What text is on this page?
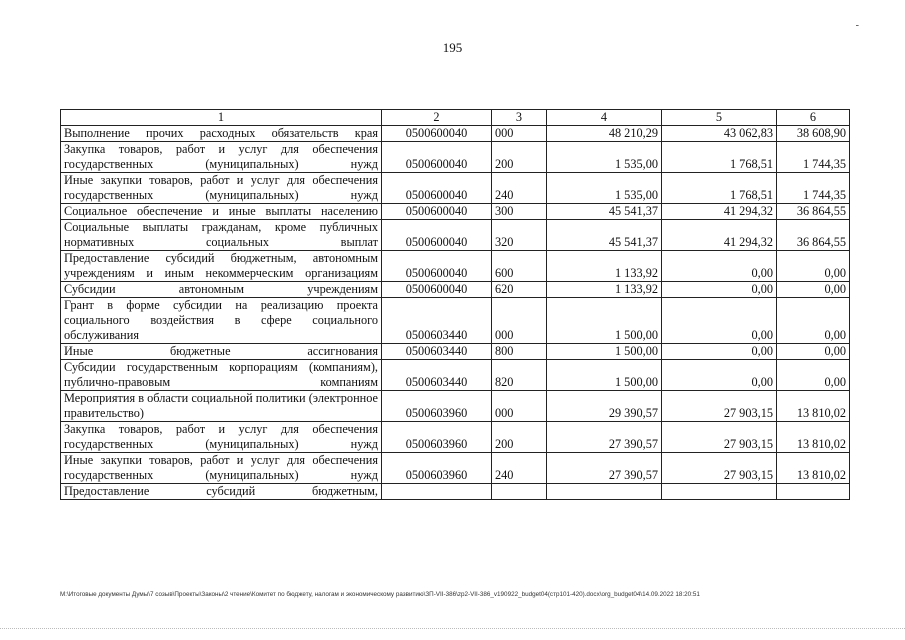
195
-
1	2	3	4	5	6
Выполнение прочих расходных обязательств края	0500600040	000	48 210,29	43 062,83	38 608,90
Закупка товаров, работ и услуг для обеспечения государственных (муниципальных) нужд	0500600040	200	1 535,00	1 768,51	1 744,35
Иные закупки товаров, работ и услуг для обеспечения государственных (муниципальных) нужд	0500600040	240	1 535,00	1 768,51	1 744,35
Социальное обеспечение и иные выплаты населению	0500600040	300	45 541,37	41 294,32	36 864,55
Социальные выплаты гражданам, кроме публичных нормативных социальных выплат	0500600040	320	45 541,37	41 294,32	36 864,55
Предоставление субсидий бюджетным, автономным учреждениям и иным некоммерческим организациям	0500600040	600	1 133,92	0,00	0,00
Субсидии автономным учреждениям	0500600040	620	1 133,92	0,00	0,00
Грант в форме субсидии на реализацию проекта социального воздействия в сфере социального обслуживания	0500603440	000	1 500,00	0,00	0,00
Иные бюджетные ассигнования	0500603440	800	1 500,00	0,00	0,00
Субсидии государственным корпорациям (компаниям), публично-правовым компаниям	0500603440	820	1 500,00	0,00	0,00
Мероприятия в области социальной политики (электронное правительство)	0500603960	000	29 390,57	27 903,15	13 810,02
Закупка товаров, работ и услуг для обеспечения государственных (муниципальных) нужд	0500603960	200	27 390,57	27 903,15	13 810,02
Иные закупки товаров, работ и услуг для обеспечения государственных (муниципальных) нужд	0500603960	240	27 390,57	27 903,15	13 810,02
Предоставление субсидий бюджетным,					
M:\Итоговые документы Думы\7 созыв\Проекты\Законы\2 чтение\Комитет по бюджету, налогам и экономическому развитию\ЗП-VII-386\zp2-VII-386_v190922_budget04(стр101-420).docx\org_budget04\14.09.2022 18:20:51
